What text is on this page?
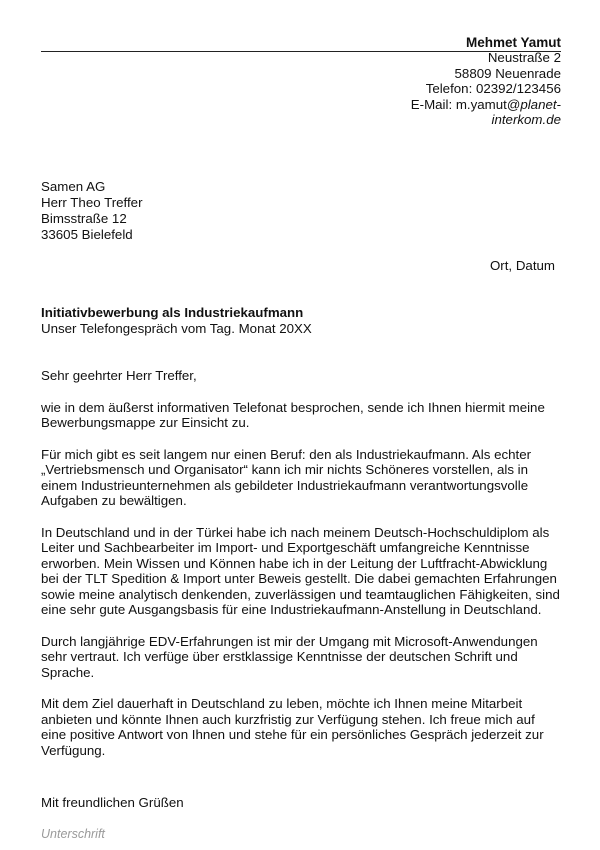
Mehmet Yamut
Neustraße 2
58809 Neuenrade
Telefon: 02392/123456
E-Mail: m.yamut@planet-
interkom.de
Samen AG
Herr Theo Treffer
Bimsstraße 12
33605 Bielefeld
Ort, Datum
Initiativbewerbung als Industriekaufmann
Unser Telefongespräch vom Tag. Monat 20XX

Sehr geehrter Herr Treffer,

wie in dem äußerst informativen Telefonat besprochen, sende ich Ihnen hiermit meine Bewerbungsmappe zur Einsicht zu.

Für mich gibt es seit langem nur einen Beruf: den als Industriekaufmann. Als echter „Vertriebsmensch und Organisator“ kann ich mir nichts Schöneres vorstellen, als in einem Industrieunternehmen als gebildeter Industriekaufmann verantwortungsvolle Aufgaben zu bewältigen.

In Deutschland und in der Türkei habe ich nach meinem Deutsch-Hochschuldiplom als Leiter und Sachbearbeiter im Import- und Exportgeschäft umfangreiche Kenntnisse erworben. Mein Wissen und Können habe ich in der Leitung der Luftfracht-Abwicklung bei der TLT Spedition & Import unter Beweis gestellt. Die dabei gemachten Erfahrungen sowie meine analytisch denkenden, zuverlässigen und teamtauglichen Fähigkeiten, sind eine sehr gute Ausgangsbasis für eine Industriekaufmann-Anstellung in Deutschland.

Durch langjährige EDV-Erfahrungen ist mir der Umgang mit Microsoft-Anwendungen sehr vertraut. Ich verfüge über erstklassige Kenntnisse der deutschen Schrift und Sprache.

Mit dem Ziel dauerhaft in Deutschland zu leben, möchte ich Ihnen meine Mitarbeit anbieten und könnte Ihnen auch kurzfristig zur Verfügung stehen. Ich freue mich auf eine positive Antwort von Ihnen und stehe für ein persönliches Gespräch jederzeit zur Verfügung.

Mit freundlichen Grüßen
Unterschrift
